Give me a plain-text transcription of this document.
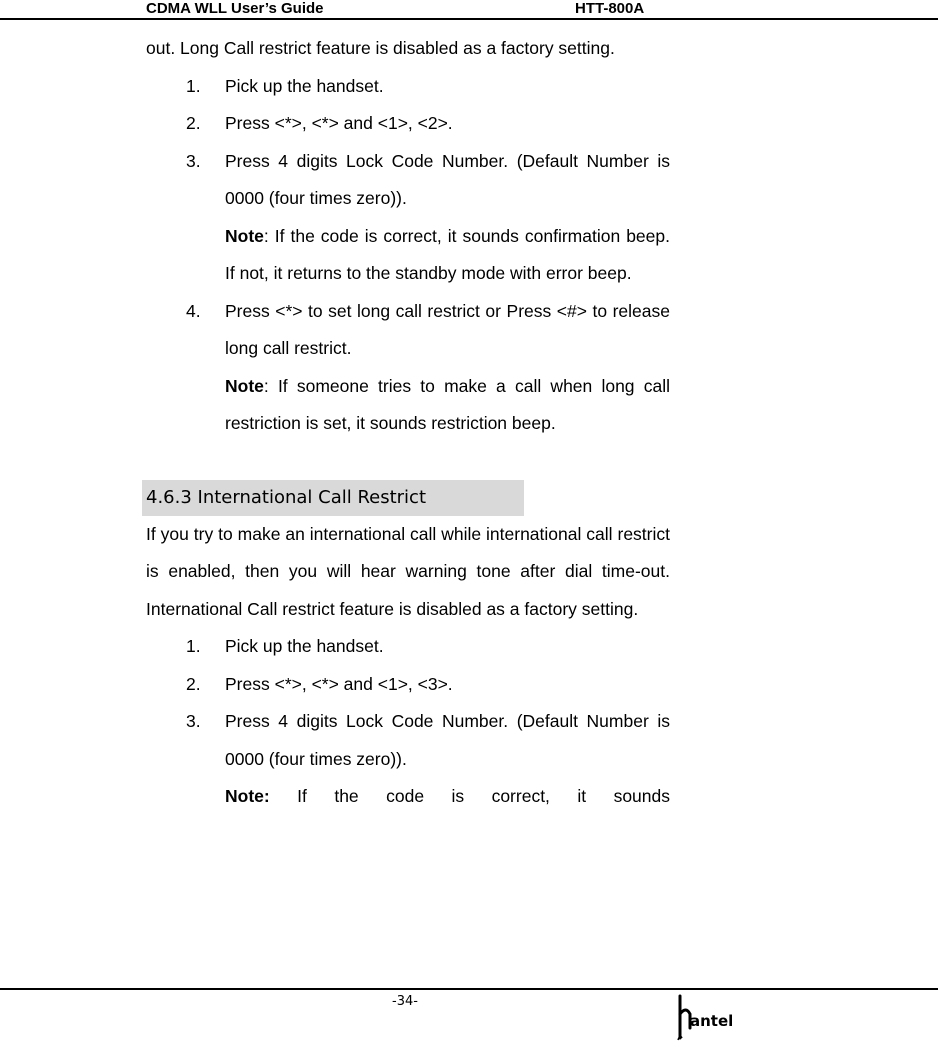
CDMA WLL User’s Guide	HTT-800A

out. Long Call restrict feature is disabled as a factory setting.

1. Pick up the handset.

2. Press <*>, <*> and <1>, <2>.

3. Press 4 digits Lock Code Number. (Default Number is 0000 (four times zero)).

Note: If the code is correct, it sounds confirmation beep. If not, it returns to the standby mode with error beep.

4. Press <*> to set long call restrict or Press <#> to release long call restrict.

Note: If someone tries to make a call when long call restriction is set, it sounds restriction beep.

4.6.3 International Call Restrict

If you try to make an international call while international call restrict is enabled, then you will hear warning tone after dial time-out. International Call restrict feature is disabled as a factory setting.

1. Pick up the handset.

2. Press <*>, <*> and <1>, <3>.

3. Press 4 digits Lock Code Number. (Default Number is 0000 (four times zero)).

Note: If the code is correct, it sounds

-34-
antel
